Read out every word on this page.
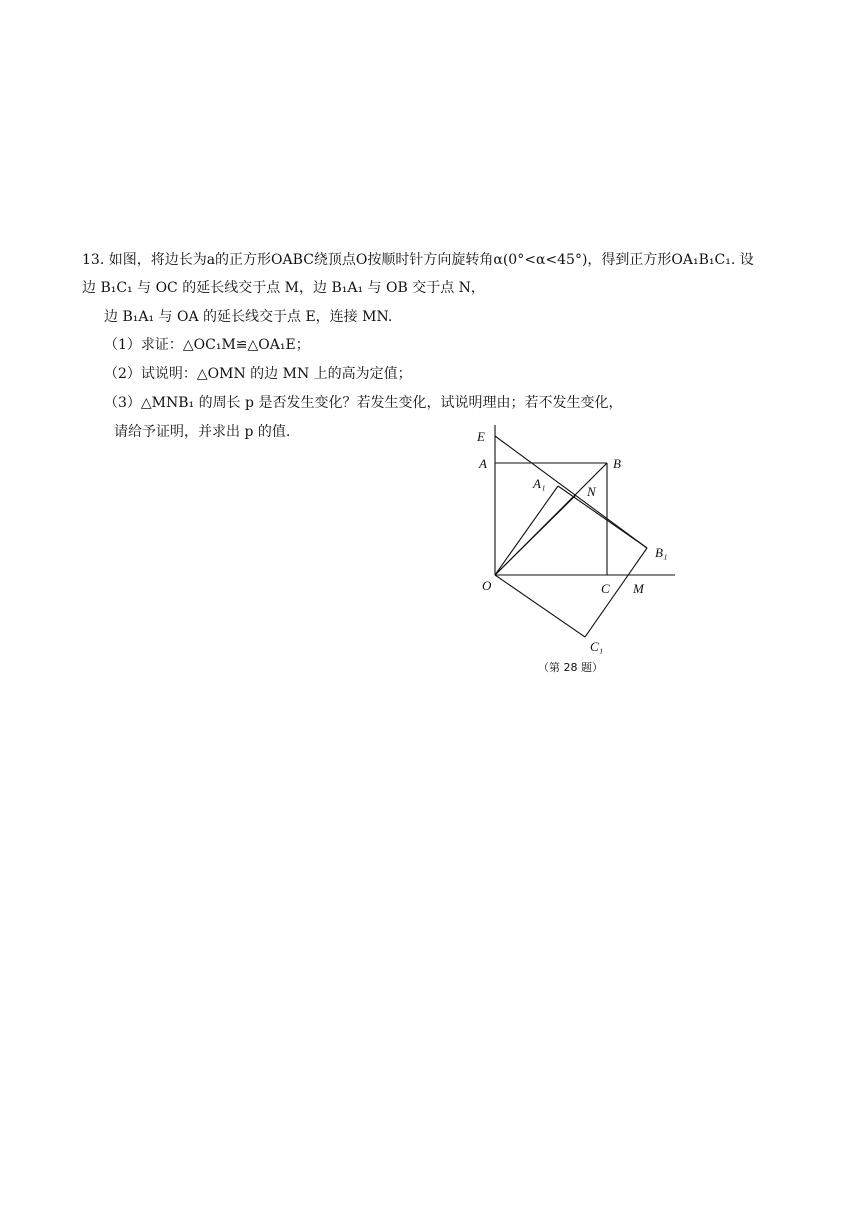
13. 如图，将边长为a的正方形OABC绕顶点O按顺时针方向旋转角α(0°<α<45°)，得到正方形OA₁B₁C₁. 设
边 B₁C₁ 与 OC 的延长线交于点 M，边 B₁A₁ 与 OB 交于点 N，
边 B₁A₁ 与 OA 的延长线交于点 E，连接 MN.
（1）求证：△OC₁M≌△OA₁E；
（2）试说明：△OMN 的边 MN 上的高为定值；
（3）△MNB₁ 的周长 p 是否发生变化？若发生变化，试说明理由；若不发生变化，
请给予证明，并求出 p 的值.	E
A	B
A₁
N
B₁
O	C M
C₁
（第 28 题）
